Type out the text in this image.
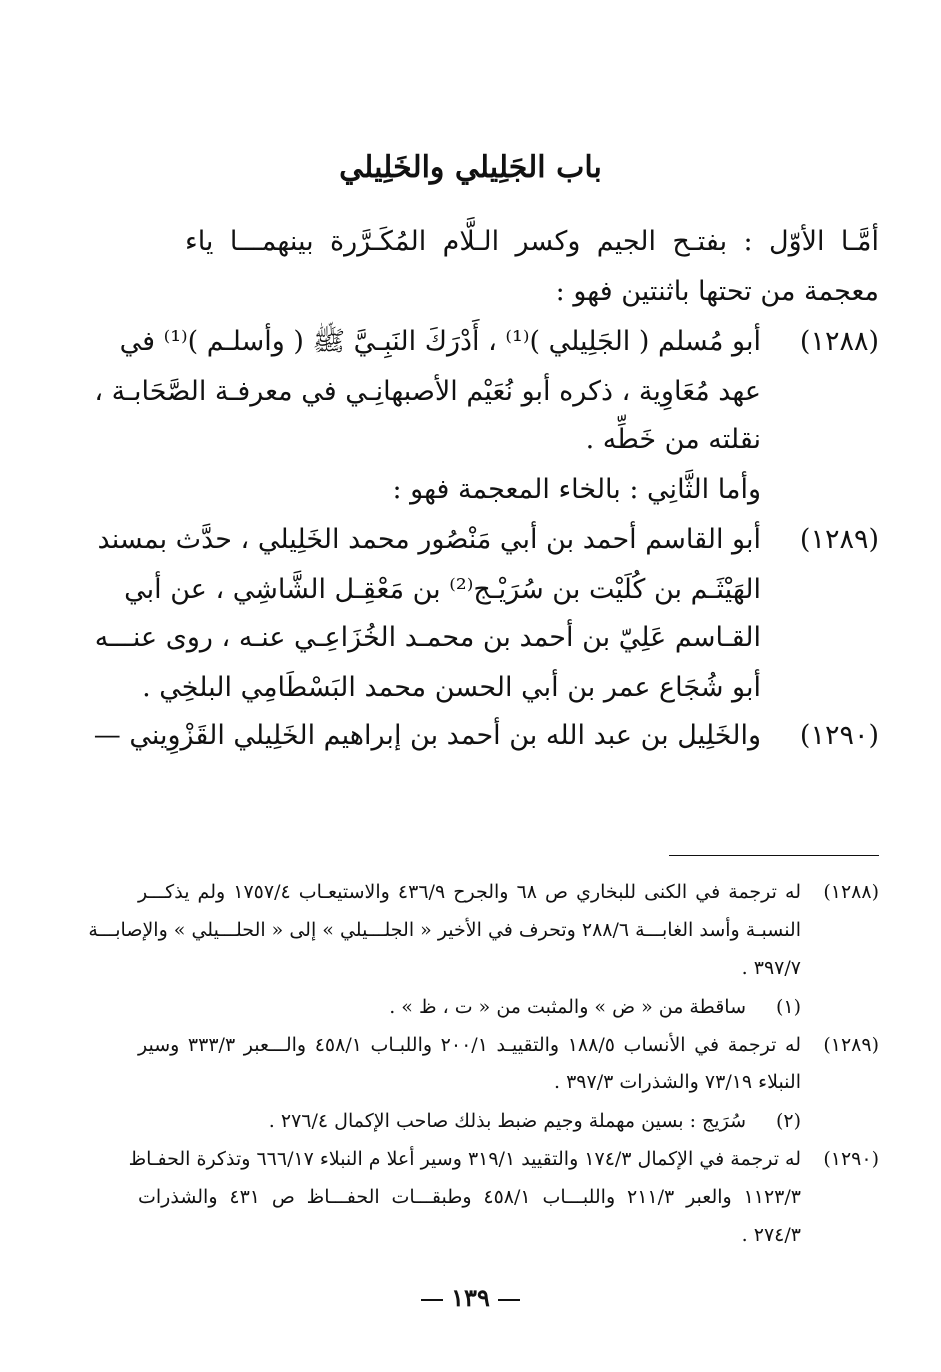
باب الجَلِيلي والخَلِيلي
أمَّـا الأوّل : بفتـح الجيم وكسر الـلَّام المُكَـرَّرة بينهمـــا ياء
معجمة من تحتها باثنتين فهو :
(١٢٨٨)
أبو مُسلم ( الجَلِيلي )⁽¹⁾ ، أَدْرَكَ النَبِـيَّ ﷺ ( وأسلـم )⁽¹⁾ في
عهد مُعَاوِية ، ذكره أبو نُعَيْم الأصبهانِـي في معرفـة الصَّحَابـة ،
نقلته من خَطِّه .
وأما الثَّانِي : بالخاء المعجمة فهو :
(١٢٨٩)
أبو القاسم أحمد بن أبي مَنْصُور محمد الخَلِيلي ، حدَّث بمسند
الهَيْثَـم بن كُلَيْت بن سُرَيْـج⁽²⁾ بن مَعْقِـل الشَّاشِي ، عن أبي
القـاسم عَلِيّ بن أحمد بن محمـد الخُزَاعِـي عنـه ، روى عنـــه
أبو شُجَاع عمر بن أبي الحسن محمد البَسْطَامِي البلخِي .
(١٢٩٠)
والخَلِيل بن عبد الله بن أحمد بن إبراهيم الخَلِيلي القَزْوِيني —
(١٢٨٨)
له ترجمة في الكنى للبخاري ص ٦٨ والجرح ٤٣٦/٩ والاستيعـاب ١٧٥٧/٤ ولم يذكـــر
النسبـة وأسد الغابـــة ٢٨٨/٦ وتحرف في الأخير « الجلـــيلي » إلى « الحلـــيلي » والإصابـــة
٣٩٧/٧ .
(١)
ساقطة من « ض » والمثبت من « ت ، ظ » .
(١٢٨٩)
له ترجمة في الأنساب ١٨٨/٥ والتقييـد ٢٠٠/١ واللبـاب ٤٥٨/١ والـــعبر ٣٣٣/٣ وسير
النبلاء ٧٣/١٩ والشذرات ٣٩٧/٣ .
(٢)
سُرَيج : بسين مهملة وجيم ضبط بذلك صاحب الإكمال ٢٧٦/٤ .
(١٢٩٠)
له ترجمة في الإكمال ١٧٤/٣ والتقييد ٣١٩/١ وسير أعلا م النبلاء ٦٦٦/١٧ وتذكرة الحفـاظ
١١٢٣/٣ والعبر ٢١١/٣ واللبـــاب ٤٥٨/١ وطبقـــات الحفـــاظ ص ٤٣١ والشذرات
٢٧٤/٣ .
١٣٩
